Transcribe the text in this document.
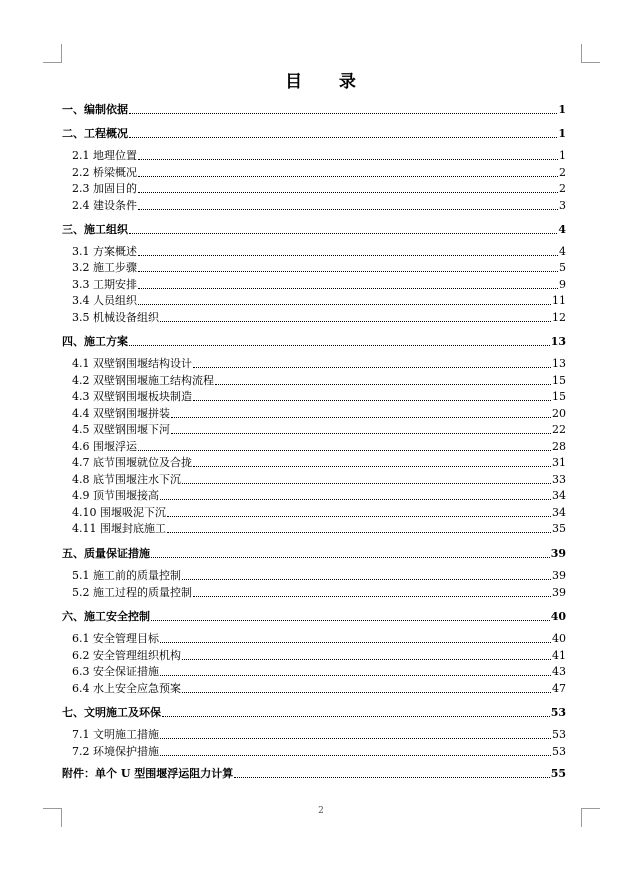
目 录
一、编制依据	1
二、工程概况	1
2.1 地理位置	1
2.2 桥梁概况	2
2.3 加固目的	2
2.4 建设条件	3
三、施工组织	4
3.1 方案概述	4
3.2 施工步骤	5
3.3 工期安排	9
3.4 人员组织	11
3.5 机械设备组织	12
四、施工方案	13
4.1 双壁钢围堰结构设计	13
4.2 双壁钢围堰施工结构流程	15
4.3 双壁钢围堰板块制造	15
4.4 双壁钢围堰拼装	20
4.5 双壁钢围堰下河	22
4.6 围堰浮运	28
4.7 底节围堰就位及合拢	31
4.8 底节围堰注水下沉	33
4.9 顶节围堰接高	34
4.10 围堰吸泥下沉	34
4.11 围堰封底施工	35
五、质量保证措施	39
5.1 施工前的质量控制	39
5.2 施工过程的质量控制	39
六、施工安全控制	40
6.1 安全管理目标	40
6.2 安全管理组织机构	41
6.3 安全保证措施	43
6.4 水上安全应急预案	47
七、文明施工及环保	53
7.1 文明施工措施	53
7.2 环境保护措施	53
附件：单个 U 型围堰浮运阻力计算	55
2
